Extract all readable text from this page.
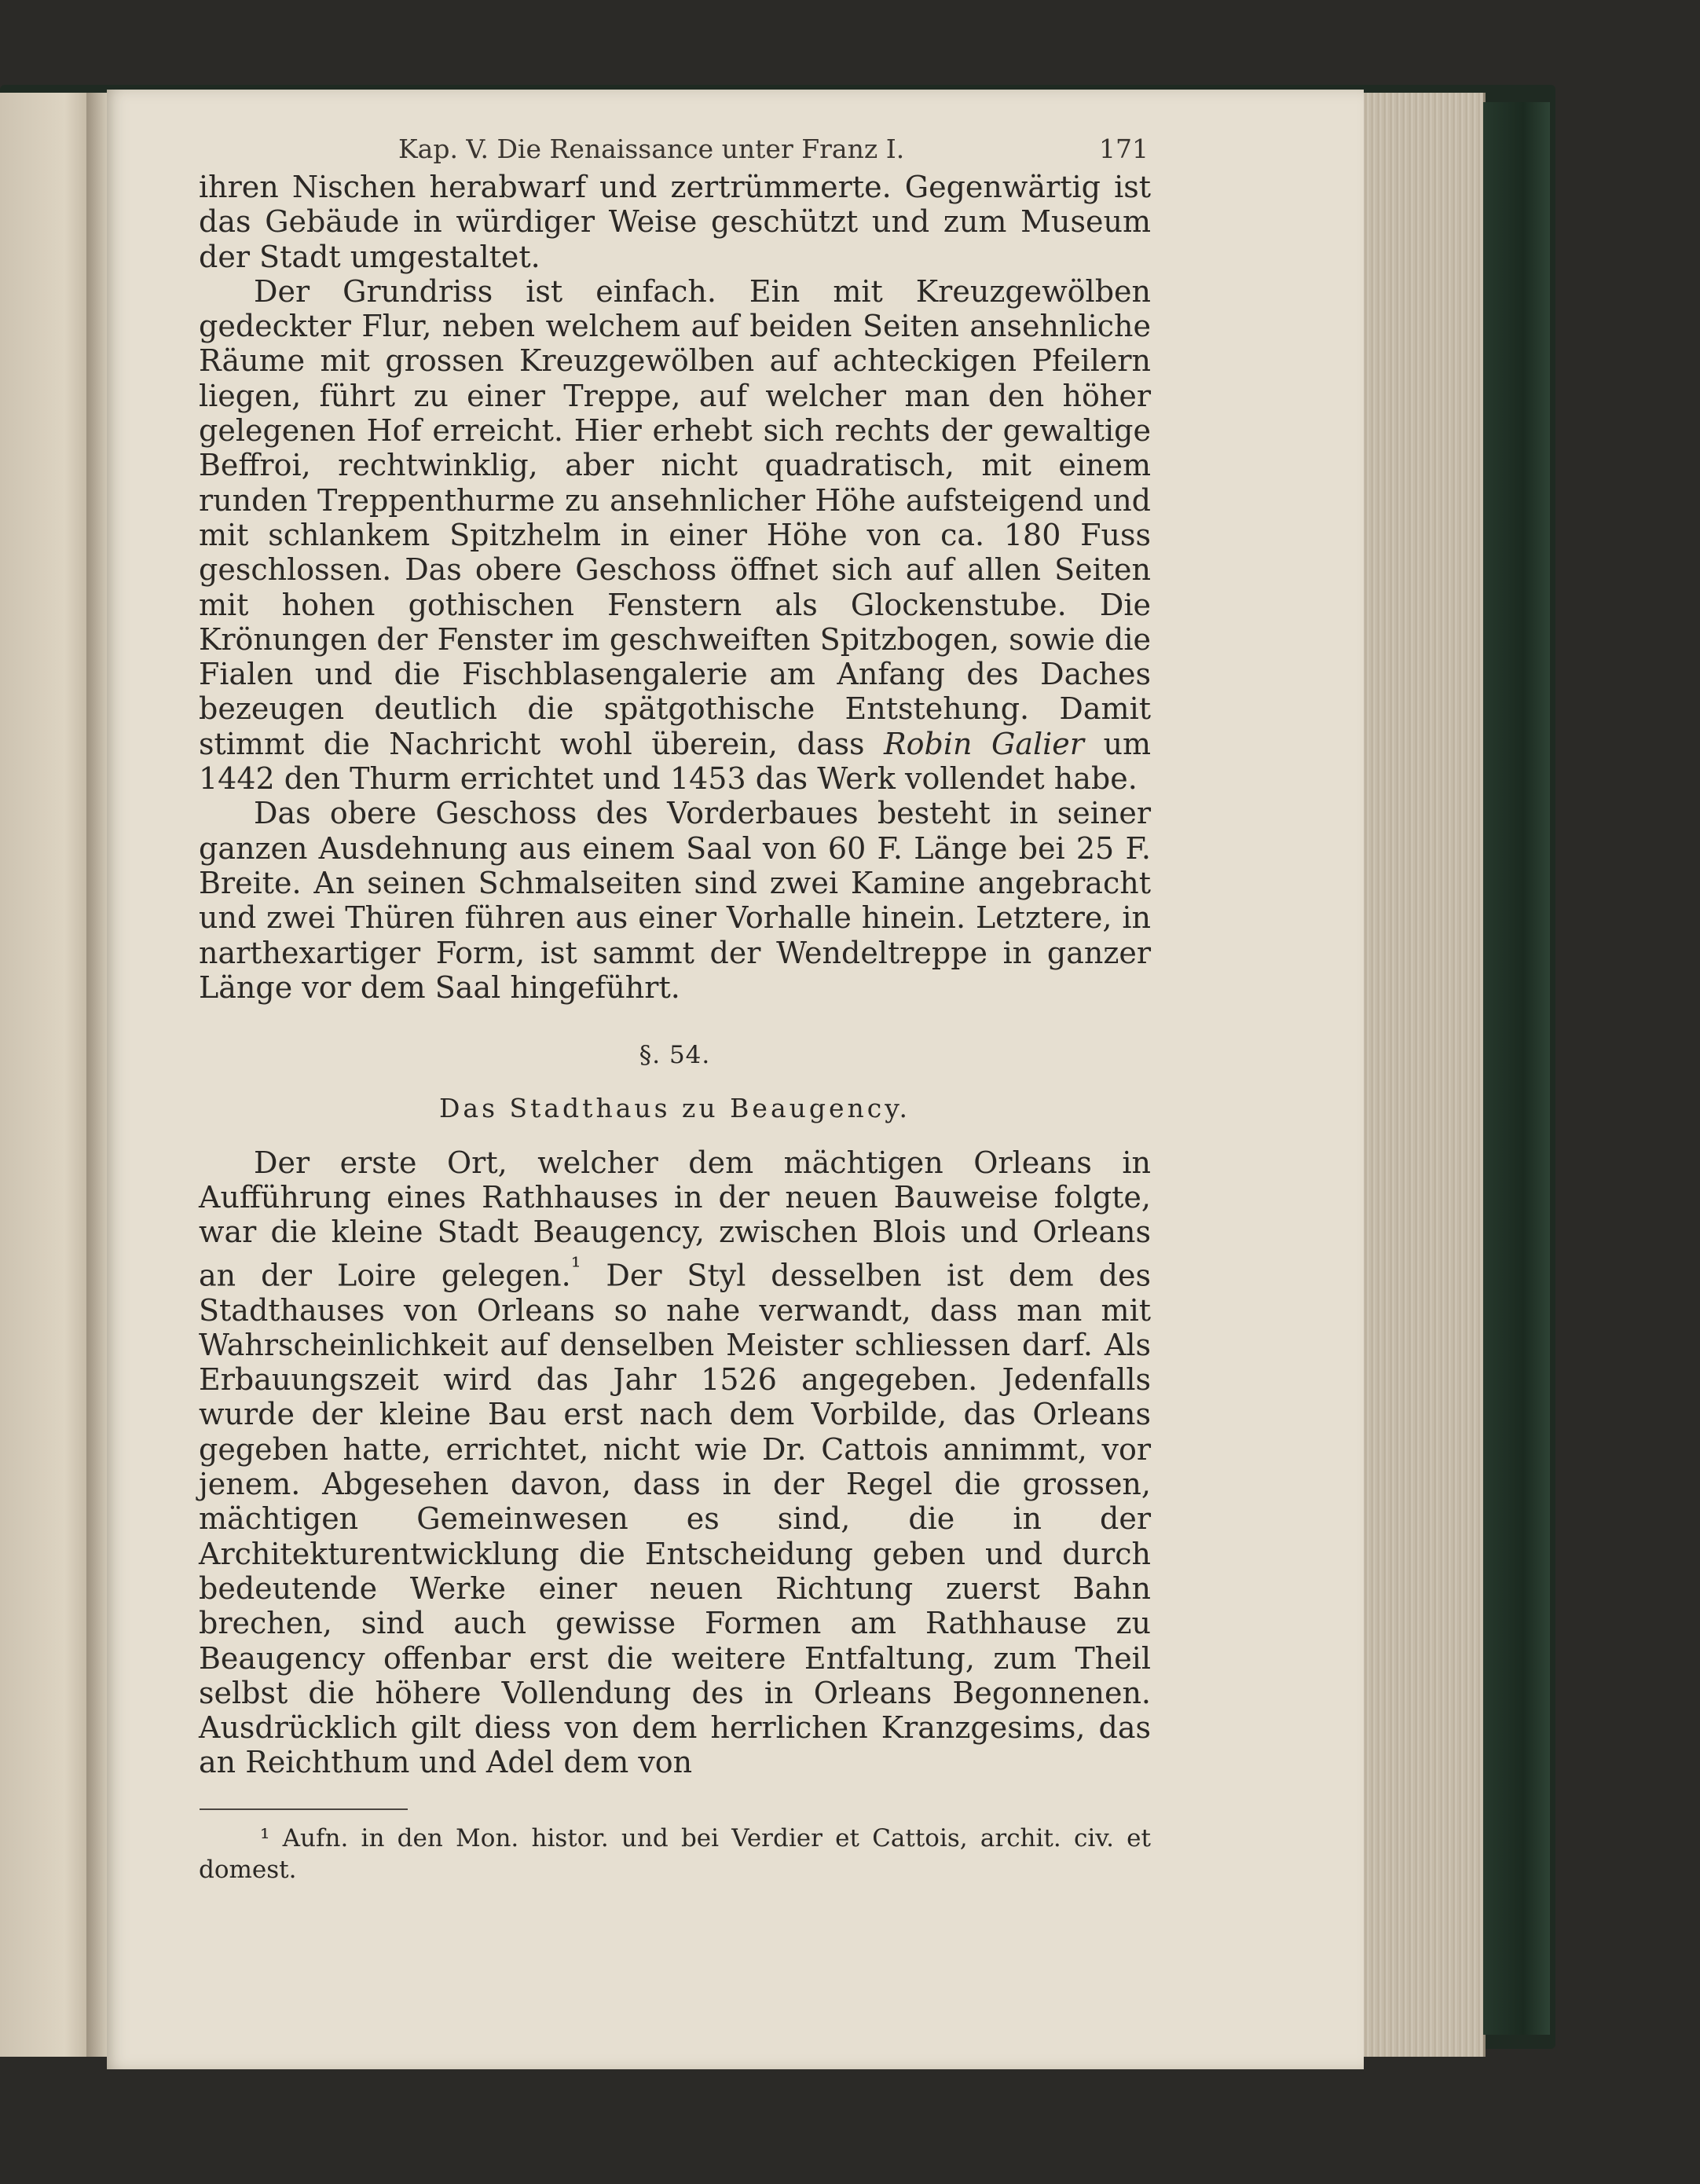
Kap. V. Die Renaissance unter Franz I.	171

ihren Nischen herabwarf und zertrümmerte. Gegenwärtig ist das Gebäude in würdiger Weise geschützt und zum Museum der Stadt umgestaltet.

Der Grundriss ist einfach. Ein mit Kreuzgewölben gedeckter Flur, neben welchem auf beiden Seiten ansehnliche Räume mit grossen Kreuzgewölben auf achteckigen Pfeilern liegen, führt zu einer Treppe, auf welcher man den höher gelegenen Hof erreicht. Hier erhebt sich rechts der gewaltige Beffroi, rechtwinklig, aber nicht quadratisch, mit einem runden Treppenthurme zu ansehnlicher Höhe aufsteigend und mit schlankem Spitzhelm in einer Höhe von ca. 180 Fuss geschlossen. Das obere Geschoss öffnet sich auf allen Seiten mit hohen gothischen Fenstern als Glockenstube. Die Krönungen der Fenster im geschweiften Spitzbogen, sowie die Fialen und die Fischblasengalerie am Anfang des Daches bezeugen deutlich die spätgothische Entstehung. Damit stimmt die Nachricht wohl überein, dass Robin Galier um 1442 den Thurm errichtet und 1453 das Werk vollendet habe.

Das obere Geschoss des Vorderbaues besteht in seiner ganzen Ausdehnung aus einem Saal von 60 F. Länge bei 25 F. Breite. An seinen Schmalseiten sind zwei Kamine angebracht und zwei Thüren führen aus einer Vorhalle hinein. Letztere, in narthexartiger Form, ist sammt der Wendeltreppe in ganzer Länge vor dem Saal hingeführt.

§. 54.

Das Stadthaus zu Beaugency.

Der erste Ort, welcher dem mächtigen Orleans in Aufführung eines Rathhauses in der neuen Bauweise folgte, war die kleine Stadt Beaugency, zwischen Blois und Orleans an der Loire gelegen.$^{^1}$ Der Styl desselben ist dem des Stadthauses von Orleans so nahe verwandt, dass man mit Wahrscheinlichkeit auf denselben Meister schliessen darf. Als Erbauungszeit wird das Jahr 1526 angegeben. Jedenfalls wurde der kleine Bau erst nach dem Vorbilde, das Orleans gegeben hatte, errichtet, nicht wie Dr. Cattois annimmt, vor jenem. Abgesehen davon, dass in der Regel die grossen, mächtigen Gemeinwesen es sind, die in der Architekturentwicklung die Entscheidung geben und durch bedeutende Werke einer neuen Richtung zuerst Bahn brechen, sind auch gewisse Formen am Rathhause zu Beaugency offenbar erst die weitere Entfaltung, zum Theil selbst die höhere Vollendung des in Orleans Begonnenen. Ausdrücklich gilt diess von dem herrlichen Kranzgesims, das an Reichthum und Adel dem von

¹ Aufn. in den Mon. histor. und bei Verdier et Cattois, archit. civ. et domest.
